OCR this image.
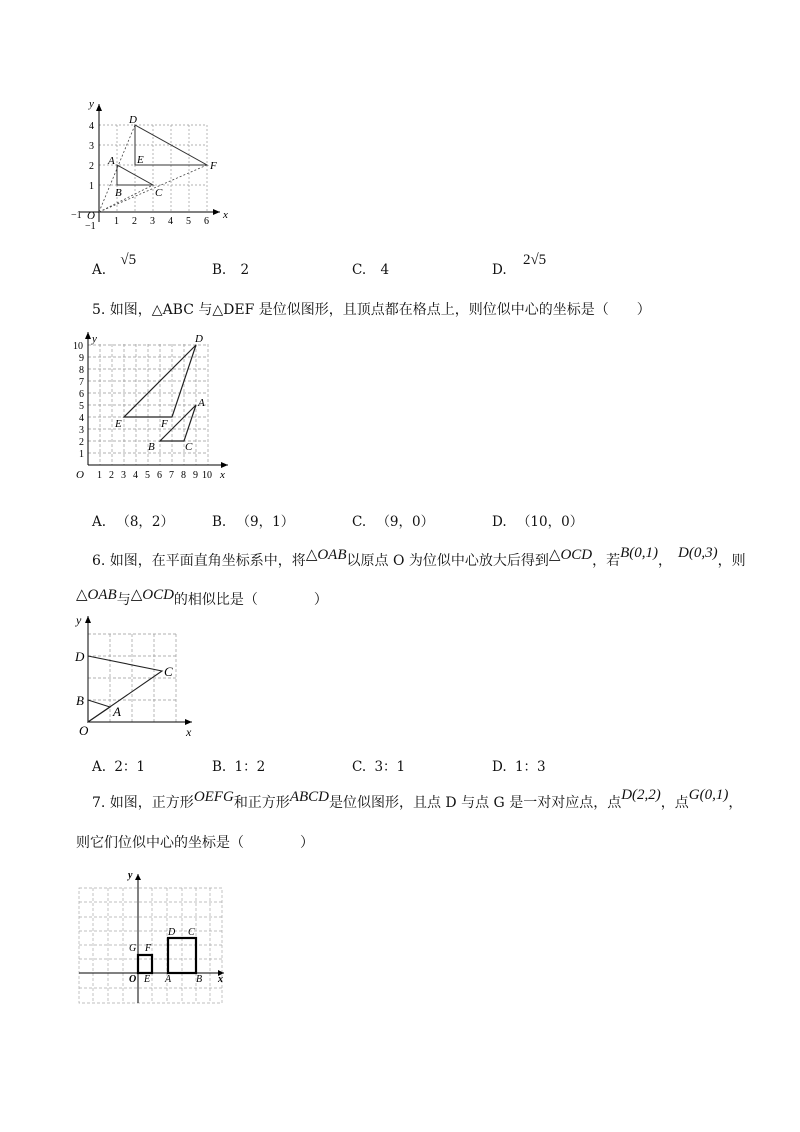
1 2 3 4 5 6
1
2
3
4
−1
−1
O	x
y
A
B	C
D
E	F
A. √5
B. 2	C. 4	D. 2√5
5. 如图，△ABC 与△DEF 是位似图形，且顶点都在格点上，则位似中心的坐标是（　　）
1 2 3 4 5 6 7 8 9 10
1
2
3
4
5
6
7
8
9
10
O	x
y
A
B	C
D
E	F
A. （8，2）	B. （9，1）	C. （9，0）	D. （10，0）
6. 如图，在平面直角坐标系中，将△OAB以原点 O 为位似中心放大后得到△OCD，若B(0,1)， D(0,3)，则
△OAB与△OCD的相似比是（　　　　）
O	x
y
A
B
C
D
A. 2：1	B. 1：2	C. 3：1	D. 1：3
7. 如图，正方形OEFG和正方形ABCD是位似图形，且点 D 与点 G 是一对对应点，点D(2,2)，点G(0,1)，
则它们位似中心的坐标是（　　　　）
y
x
O E
F
G
A B
C
D
